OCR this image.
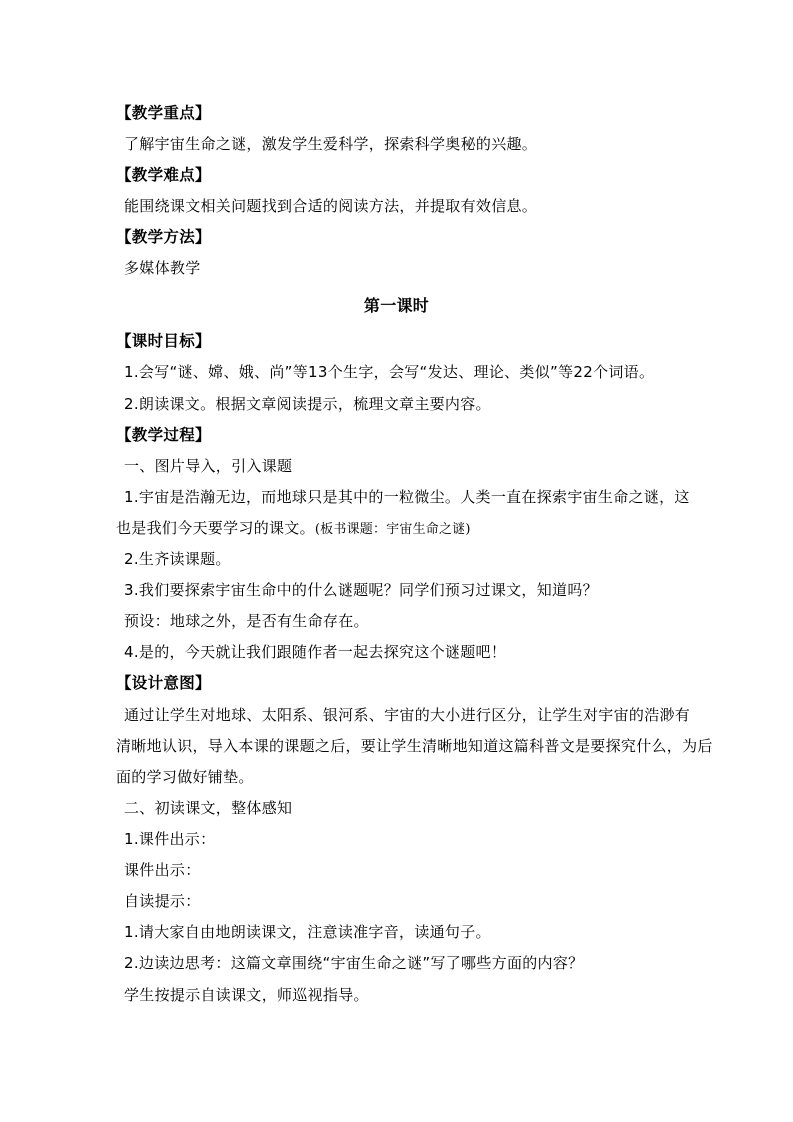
【教学重点】
了解宇宙生命之谜，激发学生爱科学，探索科学奥秘的兴趣。
【教学难点】
能围绕课文相关问题找到合适的阅读方法，并提取有效信息。
【教学方法】
多媒体教学
第一课时
【课时目标】
1.会写“谜、嫦、娥、尚”等13个生字，会写“发达、理论、类似”等22个词语。
2.朗读课文。根据文章阅读提示，梳理文章主要内容。
【教学过程】
一、图片导入，引入课题
1.宇宙是浩瀚无边，而地球只是其中的一粒微尘。人类一直在探索宇宙生命之谜，这
也是我们今天要学习的课文。(板书课题：宇宙生命之谜)
2.生齐读课题。
3.我们要探索宇宙生命中的什么谜题呢？同学们预习过课文，知道吗？
预设：地球之外，是否有生命存在。
4.是的，今天就让我们跟随作者一起去探究这个谜题吧！
【设计意图】
通过让学生对地球、太阳系、银河系、宇宙的大小进行区分，让学生对宇宙的浩渺有
清晰地认识，导入本课的课题之后，要让学生清晰地知道这篇科普文是要探究什么，为后
面的学习做好铺垫。
二、初读课文，整体感知
1.课件出示：
课件出示：
自读提示：
1.请大家自由地朗读课文，注意读准字音，读通句子。
2.边读边思考：这篇文章围绕“宇宙生命之谜”写了哪些方面的内容？
学生按提示自读课文，师巡视指导。
